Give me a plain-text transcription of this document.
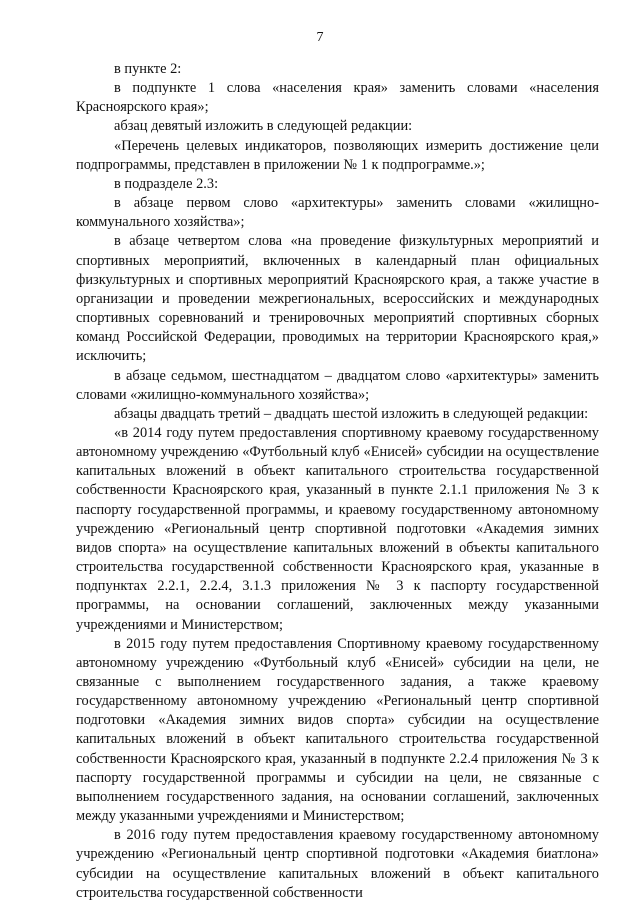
7

в пункте 2:

в подпункте 1 слова «населения края» заменить словами «населения Красноярского края»;

абзац девятый изложить в следующей редакции:

«Перечень целевых индикаторов, позволяющих измерить достижение цели подпрограммы, представлен в приложении № 1 к подпрограмме.»;

в подразделе 2.3:

в абзаце первом слово «архитектуры» заменить словами «жилищно-коммунального хозяйства»;

в абзаце четвертом слова «на проведение физкультурных мероприятий и спортивных мероприятий, включенных в календарный план официальных физкультурных и спортивных мероприятий Красноярского края, а также участие в организации и проведении межрегиональных, всероссийских и международных спортивных соревнований и тренировочных мероприятий спортивных сборных команд Российской Федерации, проводимых на территории Красноярского края,» исключить;

в абзаце седьмом, шестнадцатом – двадцатом слово «архитектуры» заменить словами «жилищно-коммунального хозяйства»;

абзацы двадцать третий – двадцать шестой изложить в следующей редакции:

«в 2014 году путем предоставления спортивному краевому государственному автономному учреждению «Футбольный клуб «Енисей» субсидии на осуществление капитальных вложений в объект капитального строительства государственной собственности Красноярского края, указанный в пункте 2.1.1 приложения № 3 к паспорту государственной программы, и краевому государственному автономному учреждению «Региональный центр спортивной подготовки «Академия зимних видов спорта» на осуществление капитальных вложений в объекты капитального строительства государственной собственности Красноярского края, указанные в подпунктах 2.2.1, 2.2.4, 3.1.3 приложения № 3 к паспорту государственной программы, на основании соглашений, заключенных между указанными учреждениями и Министерством;

в 2015 году путем предоставления Спортивному краевому государственному автономному учреждению «Футбольный клуб «Енисей» субсидии на цели, не связанные с выполнением государственного задания, а также краевому государственному автономному учреждению «Региональный центр спортивной подготовки «Академия зимних видов спорта» субсидии на осуществление капитальных вложений в объект капитального строительства государственной собственности Красноярского края, указанный в подпункте 2.2.4 приложения № 3 к паспорту государственной программы и субсидии на цели, не связанные с выполнением государственного задания, на основании соглашений, заключенных между указанными учреждениями и Министерством;

в 2016 году путем предоставления краевому государственному автономному учреждению «Региональный центр спортивной подготовки «Академия биатлона» субсидии на осуществление капитальных вложений в объект капитального строительства государственной собственности
